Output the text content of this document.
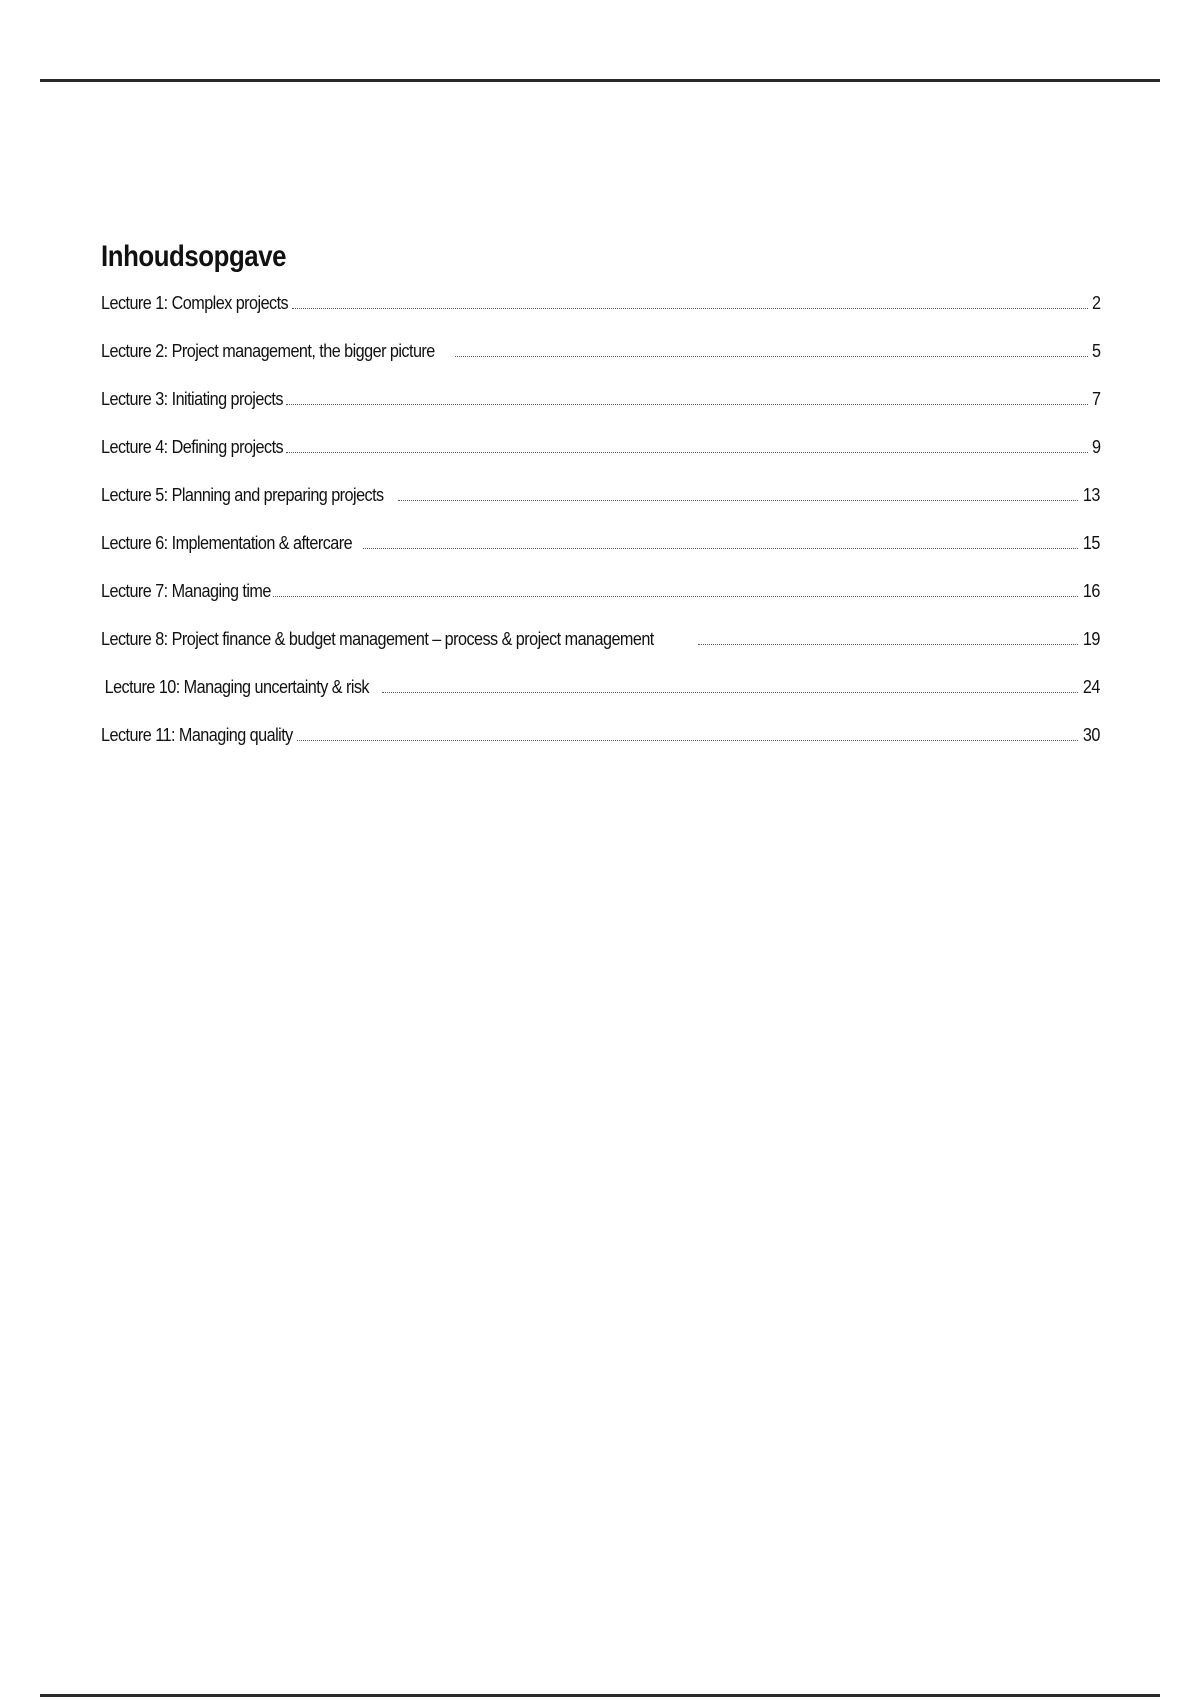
Inhoudsopgave
Lecture 1: Complex projects	2
Lecture 2: Project management, the bigger picture	5
Lecture 3: Initiating projects	7
Lecture 4: Defining projects	9
Lecture 5: Planning and preparing projects	13
Lecture 6: Implementation & aftercare	15
Lecture 7: Managing time	16
Lecture 8: Project finance & budget management – process & project management	19
Lecture 10: Managing uncertainty & risk	24
Lecture 11: Managing quality	30
